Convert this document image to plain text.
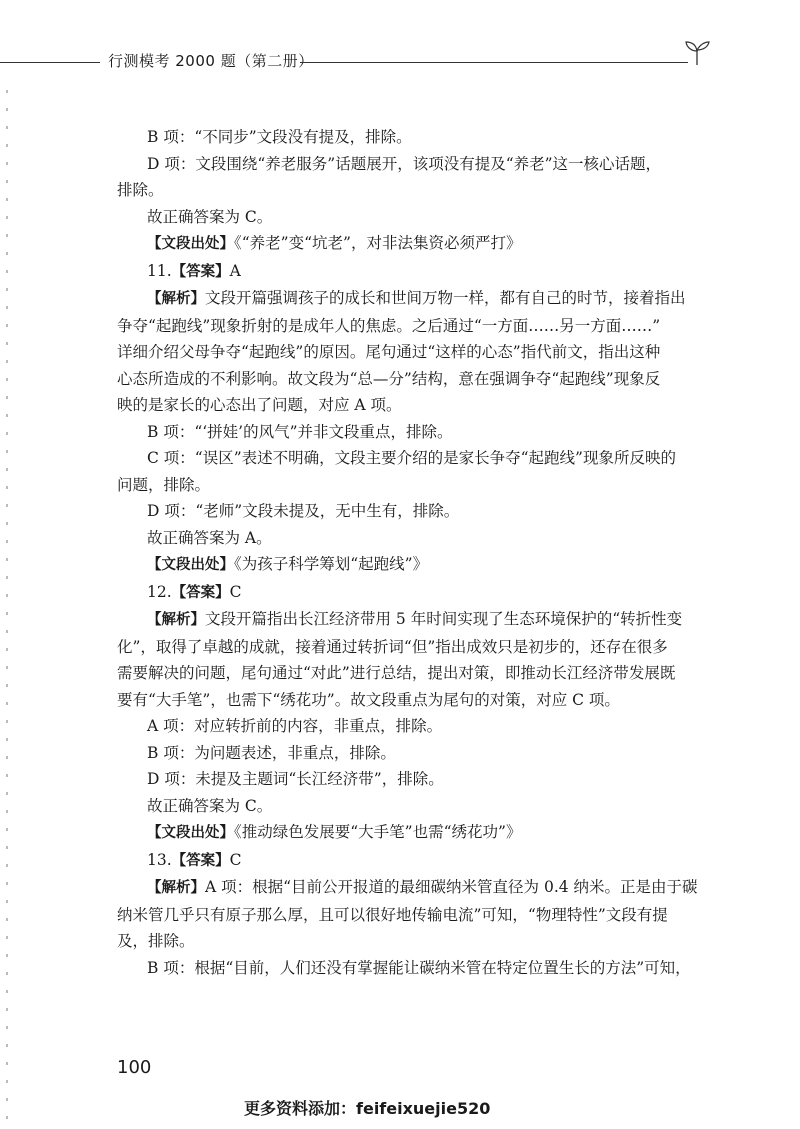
行测模考 2000 题（第二册）

B 项：“不同步”文段没有提及，排除。

D 项：文段围绕“养老服务”话题展开，该项没有提及“养老”这一核心话题，

排除。

故正确答案为 C。

【文段出处】《“养老”变“坑老”，对非法集资必须严打》

11.【答案】A

【解析】文段开篇强调孩子的成长和世间万物一样，都有自己的时节，接着指出

争夺“起跑线”现象折射的是成年人的焦虑。之后通过“一方面……另一方面……”

详细介绍父母争夺“起跑线”的原因。尾句通过“这样的心态”指代前文，指出这种

心态所造成的不利影响。故文段为“总—分”结构，意在强调争夺“起跑线”现象反

映的是家长的心态出了问题，对应 A 项。

B 项：“‘拼娃’的风气”并非文段重点，排除。

C 项：“误区”表述不明确，文段主要介绍的是家长争夺“起跑线”现象所反映的

问题，排除。

D 项：“老师”文段未提及，无中生有，排除。

故正确答案为 A。

【文段出处】《为孩子科学筹划“起跑线”》

12.【答案】C

【解析】文段开篇指出长江经济带用 5 年时间实现了生态环境保护的“转折性变

化”，取得了卓越的成就，接着通过转折词“但”指出成效只是初步的，还存在很多

需要解决的问题，尾句通过“对此”进行总结，提出对策，即推动长江经济带发展既

要有“大手笔”，也需下“绣花功”。故文段重点为尾句的对策，对应 C 项。

A 项：对应转折前的内容，非重点，排除。

B 项：为问题表述，非重点，排除。

D 项：未提及主题词“长江经济带”，排除。

故正确答案为 C。

【文段出处】《推动绿色发展要“大手笔”也需“绣花功”》

13.【答案】C

【解析】A 项：根据“目前公开报道的最细碳纳米管直径为 0.4 纳米。正是由于碳

纳米管几乎只有原子那么厚，且可以很好地传输电流”可知，“物理特性”文段有提

及，排除。

B 项：根据“目前，人们还没有掌握能让碳纳米管在特定位置生长的方法”可知，

100
更多资料添加：feifeixuejie520
